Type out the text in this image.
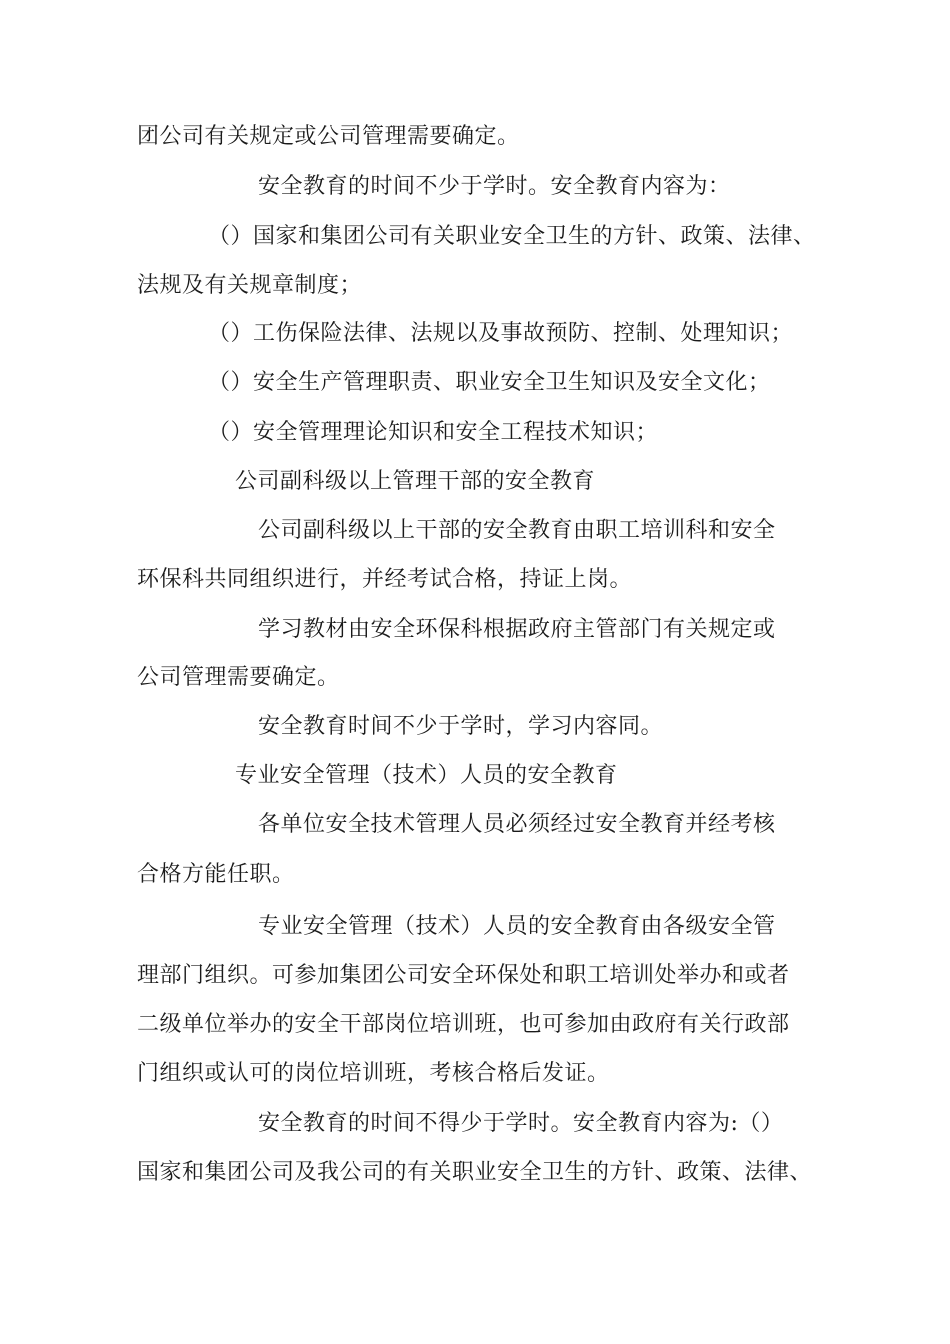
团公司有关规定或公司管理需要确定。
安全教育的时间不少于学时。安全教育内容为：
（）国家和集团公司有关职业安全卫生的方针、政策、法律、
法规及有关规章制度；
（）工伤保险法律、法规以及事故预防、控制、处理知识；
（）安全生产管理职责、职业安全卫生知识及安全文化；
（）安全管理理论知识和安全工程技术知识；
公司副科级以上管理干部的安全教育
公司副科级以上干部的安全教育由职工培训科和安全
环保科共同组织进行，并经考试合格，持证上岗。
学习教材由安全环保科根据政府主管部门有关规定或
公司管理需要确定。
安全教育时间不少于学时，学习内容同。
专业安全管理（技术）人员的安全教育
各单位安全技术管理人员必须经过安全教育并经考核
合格方能任职。
专业安全管理（技术）人员的安全教育由各级安全管
理部门组织。可参加集团公司安全环保处和职工培训处举办和或者
二级单位举办的安全干部岗位培训班，也可参加由政府有关行政部
门组织或认可的岗位培训班，考核合格后发证。
安全教育的时间不得少于学时。安全教育内容为:（）
国家和集团公司及我公司的有关职业安全卫生的方针、政策、法律、
